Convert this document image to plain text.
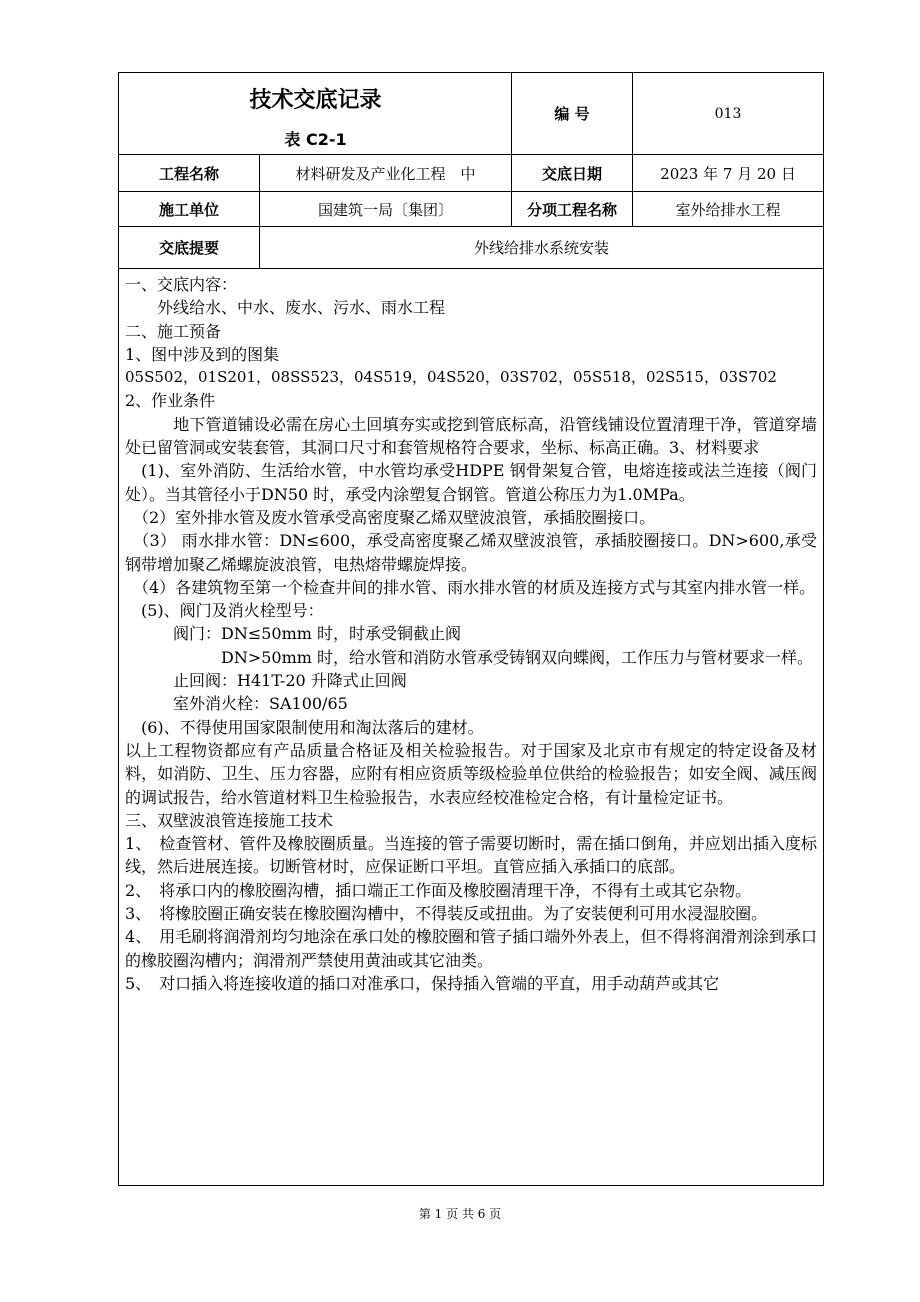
技术交底记录
表 C2-1
编 号	013
工程名称	材料研发及产业化工程　中	交底日期	2023 年 7 月 20 日
施工单位	国建筑一局〔集团〕	分项工程名称	室外给排水工程
交底提要	外线给排水系统安装

一、交底内容：

　　外线给水、中水、废水、污水、雨水工程

二、施工预备

1、图中涉及到的图集

05S502，01S201，08SS523，04S519，04S520，03S702，05S518，02S515，03S702

2、作业条件

　　　地下管道铺设必需在房心土回填夯实或挖到管底标高，沿管线铺设位置清理干净，管道穿墙处已留管洞或安装套管，其洞口尺寸和套管规格符合要求，坐标、标高正确。3、材料要求

　(1)、室外消防、生活给水管，中水管均承受HDPE 钢骨架复合管，电熔连接或法兰连接（阀门处）。当其管径小于DN50 时，承受内涂塑复合钢管。管道公称压力为1.0MPa。

　（2）室外排水管及废水管承受高密度聚乙烯双壁波浪管，承插胶圈接口。

　（3） 雨水排水管：DN≤600，承受高密度聚乙烯双壁波浪管，承插胶圈接口。DN>600,承受钢带增加聚乙烯螺旋波浪管，电热熔带螺旋焊接。

　（4）各建筑物至第一个检查井间的排水管、雨水排水管的材质及连接方式与其室内排水管一样。

　(5)、阀门及消火栓型号：

　　　阀门：DN≤50mm 时，时承受铜截止阀

　　　　　　DN>50mm 时，给水管和消防水管承受铸钢双向蝶阀，工作压力与管材要求一样。

　　　止回阀：H41T-20 升降式止回阀

　　　室外消火栓：SA100/65

　(6)、不得使用国家限制使用和淘汰落后的建材。

以上工程物资都应有产品质量合格证及相关检验报告。对于国家及北京市有规定的特定设备及材料，如消防、卫生、压力容器，应附有相应资质等级检验单位供给的检验报告；如安全阀、减压阀的调试报告，给水管道材料卫生检验报告，水表应经校准检定合格，有计量检定证书。

三、双壁波浪管连接施工技术

1、　检查管材、管件及橡胶圈质量。当连接的管子需要切断时，需在插口倒角，并应划出插入度标线，然后进展连接。切断管材时，应保证断口平坦。直管应插入承插口的底部。

2、　将承口内的橡胶圈沟槽，插口端正工作面及橡胶圈清理干净，不得有土或其它杂物。

3、　将橡胶圈正确安装在橡胶圈沟槽中，不得装反或扭曲。为了安装便利可用水浸湿胶圈。

4、　用毛刷将润滑剂均匀地涂在承口处的橡胶圈和管子插口端外外表上，但不得将润滑剂涂到承口的橡胶圈沟槽内；润滑剂严禁使用黄油或其它油类。

5、　对口插入将连接收道的插口对准承口，保持插入管端的平直，用手动葫芦或其它

第 1 页 共 6 页
